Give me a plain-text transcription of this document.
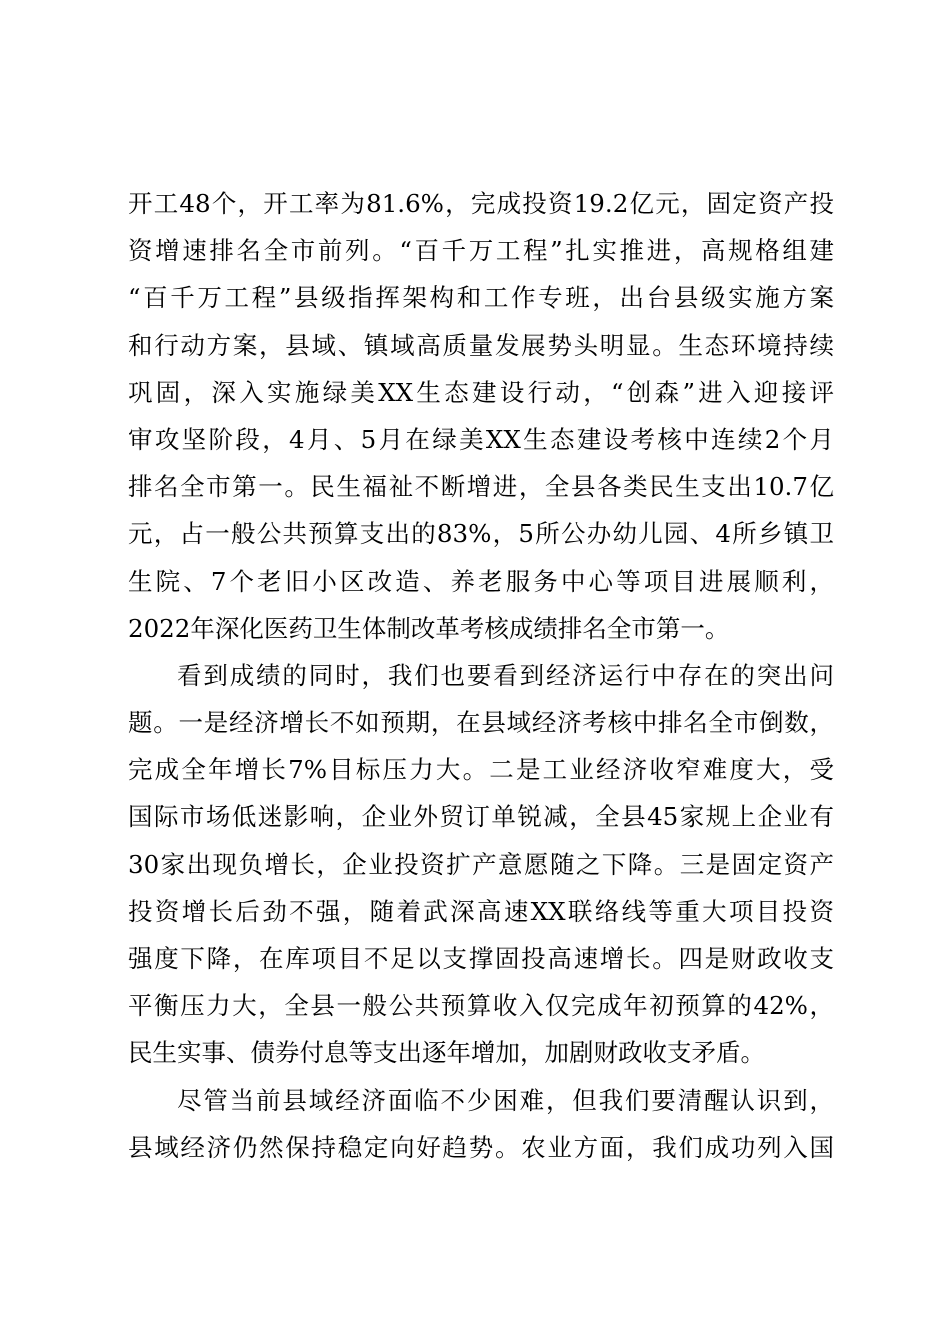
开工48个，开工率为81.6%，完成投资19.2亿元，固定资产投
资增速排名全市前列。“百千万工程”扎实推进，高规格组建
“百千万工程”县级指挥架构和工作专班，出台县级实施方案
和行动方案，县域、镇域高质量发展势头明显。生态环境持续
巩固，深入实施绿美XX生态建设行动，“创森”进入迎接评
审攻坚阶段，4月、5月在绿美XX生态建设考核中连续2个月
排名全市第一。民生福祉不断增进，全县各类民生支出10.7亿
元，占一般公共预算支出的83%，5所公办幼儿园、4所乡镇卫
生院、7个老旧小区改造、养老服务中心等项目进展顺利，
2022年深化医药卫生体制改革考核成绩排名全市第一。
看到成绩的同时，我们也要看到经济运行中存在的突出问
题。一是经济增长不如预期，在县域经济考核中排名全市倒数，
完成全年增长7%目标压力大。二是工业经济收窄难度大，受
国际市场低迷影响，企业外贸订单锐减，全县45家规上企业有
30家出现负增长，企业投资扩产意愿随之下降。三是固定资产
投资增长后劲不强，随着武深高速XX联络线等重大项目投资
强度下降，在库项目不足以支撑固投高速增长。四是财政收支
平衡压力大，全县一般公共预算收入仅完成年初预算的42%，
民生实事、债券付息等支出逐年增加，加剧财政收支矛盾。
尽管当前县域经济面临不少困难，但我们要清醒认识到，
县域经济仍然保持稳定向好趋势。农业方面，我们成功列入国
